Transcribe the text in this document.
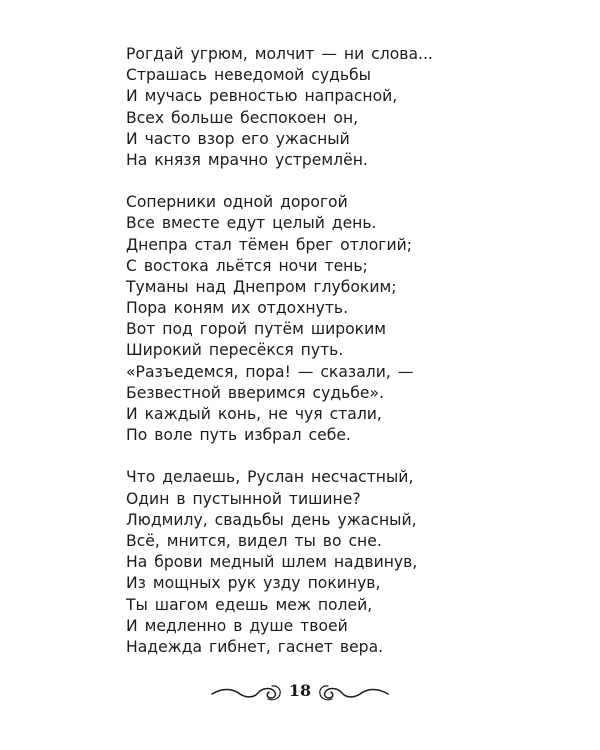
Рогдай угрюм, молчит — ни слова...
Страшась неведомой судьбы
И мучась ревностью напрасной,
Всех больше беспокоен он,
И часто взор его ужасный
На князя мрачно устремлён.
Соперники одной дорогой
Все вместе едут целый день.
Днепра стал тёмен брег отлогий;
С востока льётся ночи тень;
Туманы над Днепром глубоким;
Пора коням их отдохнуть.
Вот под горой путём широким
Широкий пересёкся путь.
«Разъедемся, пора! — сказали, —
Безвестной вверимся судьбе».
И каждый конь, не чуя стали,
По воле путь избрал себе.
Что делаешь, Руслан несчастный,
Один в пустынной тишине?
Людмилу, свадьбы день ужасный,
Всё, мнится, видел ты во сне.
На брови медный шлем надвинув,
Из мощных рук узду покинув,
Ты шагом едешь меж полей,
И медленно в душе твоей
Надежда гибнет, гаснет вера.
18
